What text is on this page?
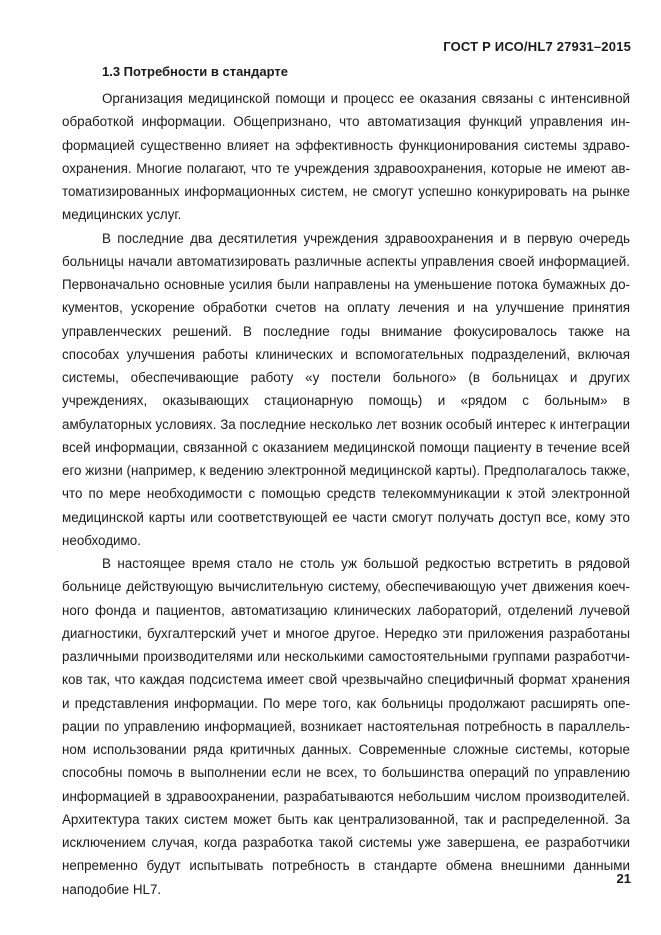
ГОСТ Р ИСО/HL7 27931–2015

1.3 Потребности в стандарте

Организация медицинской помощи и процесс ее оказания связаны с интенсивной обработкой информации. Общепризнано, что автоматизация функций управления информацией существенно влияет на эффективность функционирования системы здравоохранения. Многие полагают, что те учреждения здравоохранения, которые не имеют автоматизированных информационных систем, не смогут успешно конкурировать на рынке медицинских услуг.

В последние два десятилетия учреждения здравоохранения и в первую очередь больницы начали автоматизировать различные аспекты управления своей информацией. Первоначально основные усилия были направлены на уменьшение потока бумажных документов, ускорение обработки счетов на оплату лечения и на улучшение принятия управленческих решений. В последние годы внимание фокусировалось также на способах улучшения работы клинических и вспомогательных подразделений, включая системы, обеспечивающие работу «у постели больного» (в больницах и других учреждениях, оказывающих стационарную помощь) и «рядом с больным» в амбулаторных условиях. За последние несколько лет возник особый интерес к интеграции всей информации, связанной с оказанием медицинской помощи пациенту в течение всей его жизни (например, к ведению электронной медицинской карты). Предполагалось также, что по мере необходимости с помощью средств телекоммуникации к этой электронной медицинской карты или соответствующей ее части смогут получать доступ все, кому это необходимо.

В настоящее время стало не столь уж большой редкостью встретить в рядовой больнице действующую вычислительную систему, обеспечивающую учет движения коечного фонда и пациентов, автоматизацию клинических лабораторий, отделений лучевой диагностики, бухгалтерский учет и многое другое. Нередко эти приложения разработаны различными производителями или несколькими самостоятельными группами разработчиков так, что каждая подсистема имеет свой чрезвычайно специфичный формат хранения и представления информации. По мере того, как больницы продолжают расширять операции по управлению информацией, возникает настоятельная потребность в параллельном использовании ряда критичных данных. Современные сложные системы, которые способны помочь в выполнении если не всех, то большинства операций по управлению информацией в здравоохранении, разрабатываются небольшим числом производителей. Архитектура таких систем может быть как централизованной, так и распределенной. За исключением случая, когда разработка такой системы уже завершена, ее разработчики непременно будут испытывать потребность в стандарте обмена внешними данными наподобие HL7.

21
